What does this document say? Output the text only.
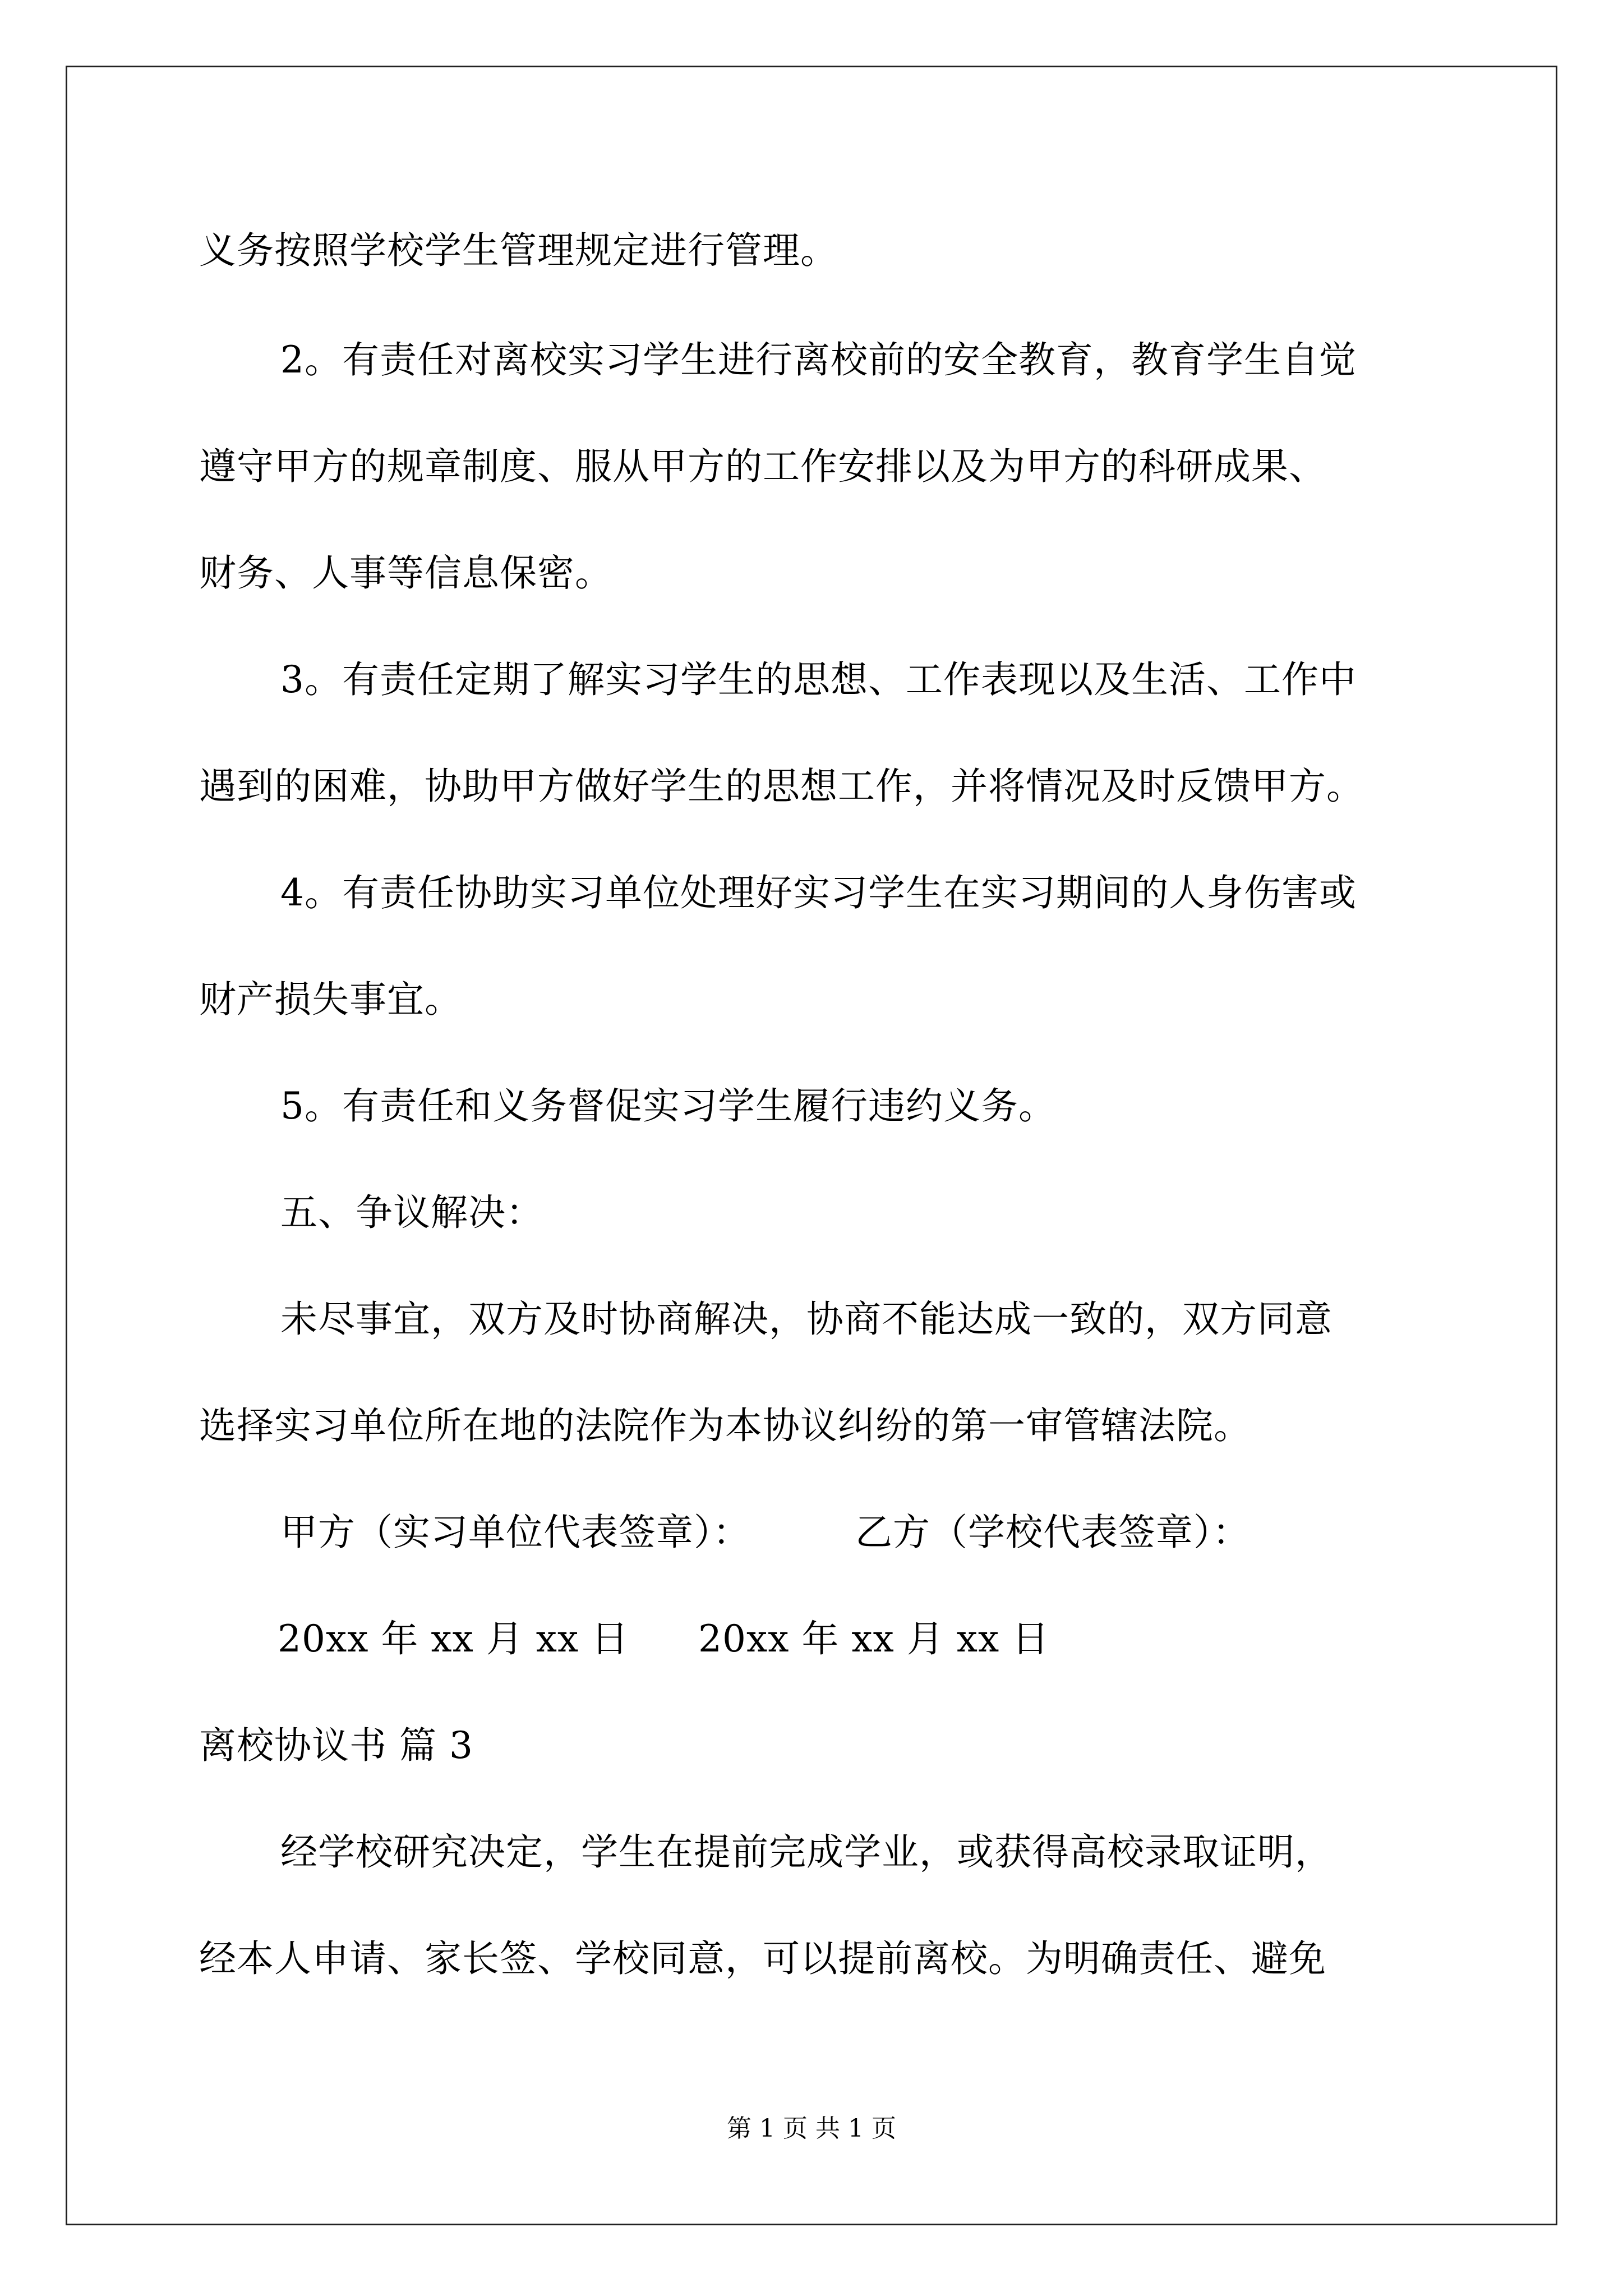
义务按照学校学生管理规定进行管理。

2。有责任对离校实习学生进行离校前的安全教育，教育学生自觉

遵守甲方的规章制度、服从甲方的工作安排以及为甲方的科研成果、

财务、人事等信息保密。

3。有责任定期了解实习学生的思想、工作表现以及生活、工作中

遇到的困难，协助甲方做好学生的思想工作，并将情况及时反馈甲方。

4。有责任协助实习单位处理好实习学生在实习期间的人身伤害或

财产损失事宜。

5。有责任和义务督促实习学生履行违约义务。

五、争议解决：

未尽事宜，双方及时协商解决，协商不能达成一致的，双方同意

选择实习单位所在地的法院作为本协议纠纷的第一审管辖法院。

甲方（实习单位代表签章）：	乙方（学校代表签章）：

20xx 年 xx 月 xx 日 20xx 年 xx 月 xx 日

离校协议书 篇 3

经学校研究决定，学生在提前完成学业，或获得高校录取证明，

经本人申请、家长签、学校同意，可以提前离校。为明确责任、避免

第 1 页 共 1 页
